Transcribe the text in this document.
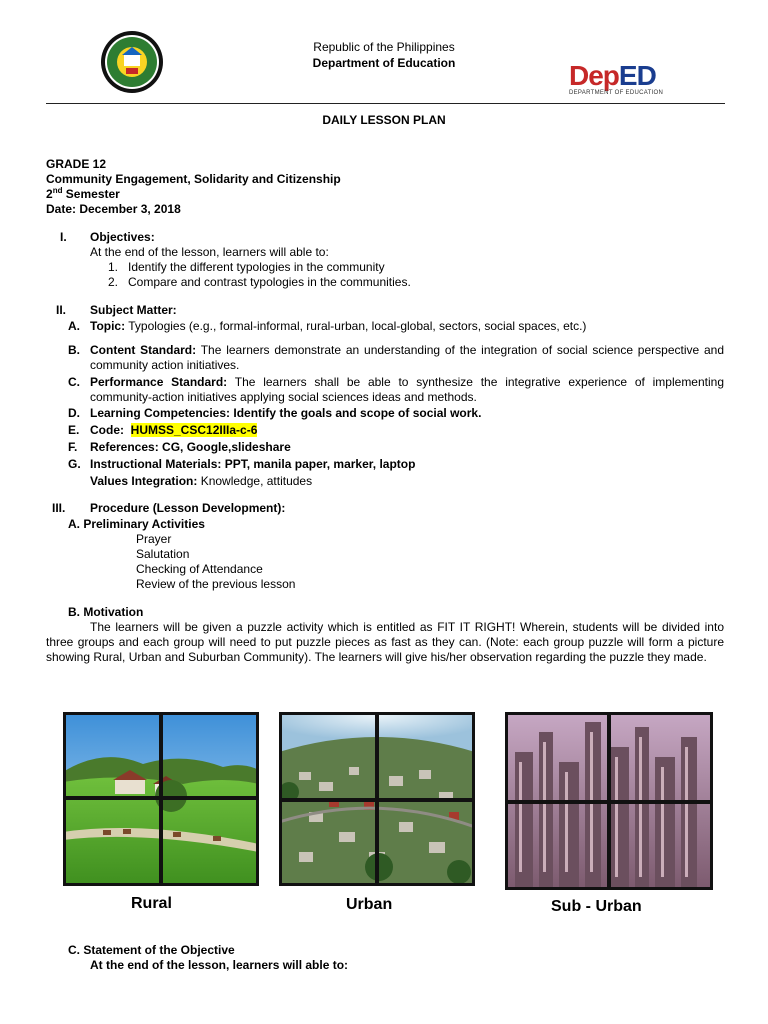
Republic of the Philippines
Department of Education	DepED
DEPARTMENT OF EDUCATION
DAILY LESSON PLAN
GRADE 12
Community Engagement, Solidarity and Citizenship
2nd Semester
Date: December 3, 2018
I. Objectives:
At the end of the lesson, learners will able to:
1. Identify the different typologies in the community
2. Compare and contrast typologies in the communities.
II. Subject Matter:
A. Topic: Typologies (e.g., formal-informal, rural-urban, local-global, sectors, social spaces, etc.)
B. Content Standard: The learners demonstrate an understanding of the integration of social science perspective and community action initiatives.
C. Performance Standard: The learners shall be able to synthesize the integrative experience of implementing community-action initiatives applying social sciences ideas and methods.
D. Learning Competencies: Identify the goals and scope of social work.
E. Code: HUMSS_CSC12IIIa-c-6
F. References: CG, Google,slideshare
G. Instructional Materials: PPT, manila paper, marker, laptop
Values Integration: Knowledge, attitudes
III. Procedure (Lesson Development):
A. Preliminary Activities
Prayer
Salutation
Checking of Attendance
Review of the previous lesson
B. Motivation
The learners will be given a puzzle activity which is entitled as FIT IT RIGHT! Wherein, students will be divided into three groups and each group will need to put puzzle pieces as fast as they can. (Note: each group puzzle will form a picture showing Rural, Urban and Suburban Community). The learners will give his/her observation regarding the puzzle they made.
Rural	Urban	Sub - Urban
C. Statement of the Objective
At the end of the lesson, learners will able to:
